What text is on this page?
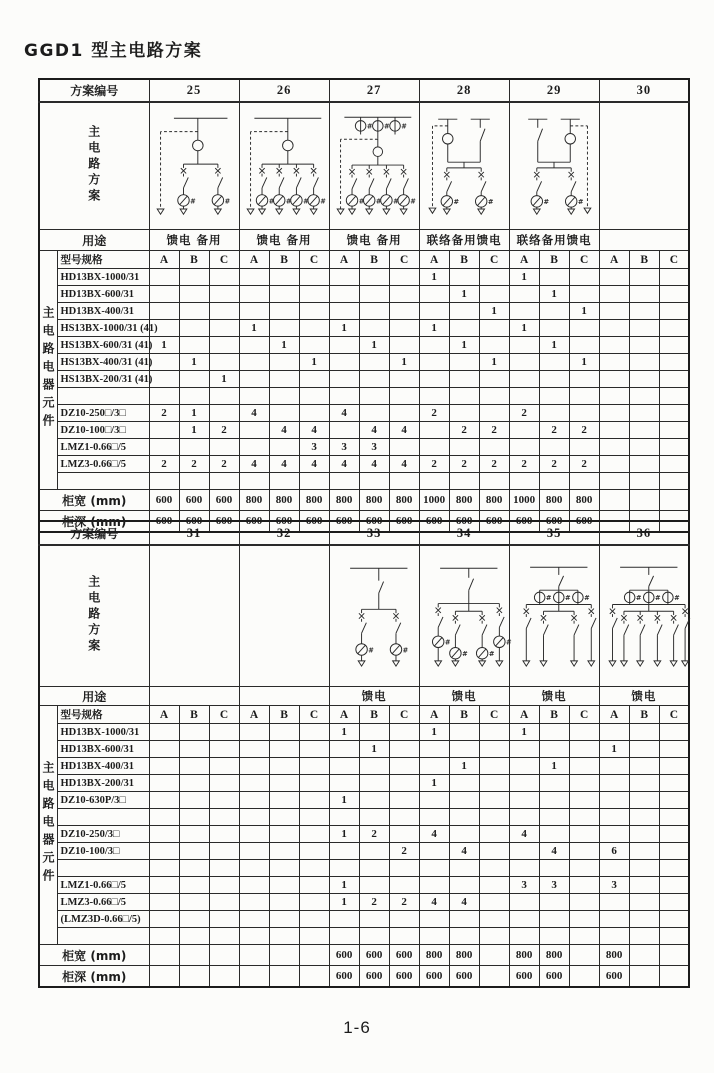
GGD1 型主电路方案
方案编号		25			26			27			28			29			30		
主电路方案	#	#	# # # #

# # #
# # # #	#	#	#	#

用途		馈电 备用			馈电 备用			馈电 备用			联络备用馈电			联络备用馈电					
主电路电器元件	型号规格	A	B	C	A	B	C	A	B	C	A	B	C	A	B	C	A	B	C
	HD13BX-1000/31										1			1					
	HD13BX-600/31											1			1				
	HD13BX-400/31												1			1			
	HS13BX-1000/31 (41)				1			1			1			1					
	HS13BX-600/31 (41)	1				1			1			1			1				
	HS13BX-400/31 (41)		1				1			1			1			1			
	HS13BX-200/31 (41)			1															

	DZ10-250□/3□	2	1		4			4			2			2					
	DZ10-100□/3□		1	2		4	4		4	4		2	2		2	2			
	LMZ1-0.66□/5						3	3	3										
	LMZ3-0.66□/5	2	2	2	4	4	4	4	4	4	2	2	2	2	2	2			

柜宽 (mm)		600	600	600	800	800	800	800	800	800	1000	800	800	1000	800	800			
柜深 (mm)		600	600	600	600	600	600	600	600	600	600	600	600	600	600	600			
方案编号		31			32			33			34			35			36		
主电路方案								# #			# #
# #			# # #			# # #		

用途								馈电			馈电			馈电			馈电		
主电路电器元件	型号规格	A	B	C	A	B	C	A	B	C	A	B	C	A	B	C	A	B	C
	HD13BX-1000/31							1			1			1					
	HD13BX-600/31								1								1		
	HD13BX-400/31											1			1				
	HD13BX-200/31										1								
	DZ10-630P/3□							1											

	DZ10-250/3□							1	2		4			4					
	DZ10-100/3□									2		4			4		6		

	LMZ1-0.66□/5							1						3	3		3		
	LMZ3-0.66□/5							1	2	2	4	4							
	(LMZ3D-0.66□/5)																		

柜宽 (mm)								600	600	600	800	800		800	800		800		
柜深 (mm)								600	600	600	600	600		600	600		600		
1-6
